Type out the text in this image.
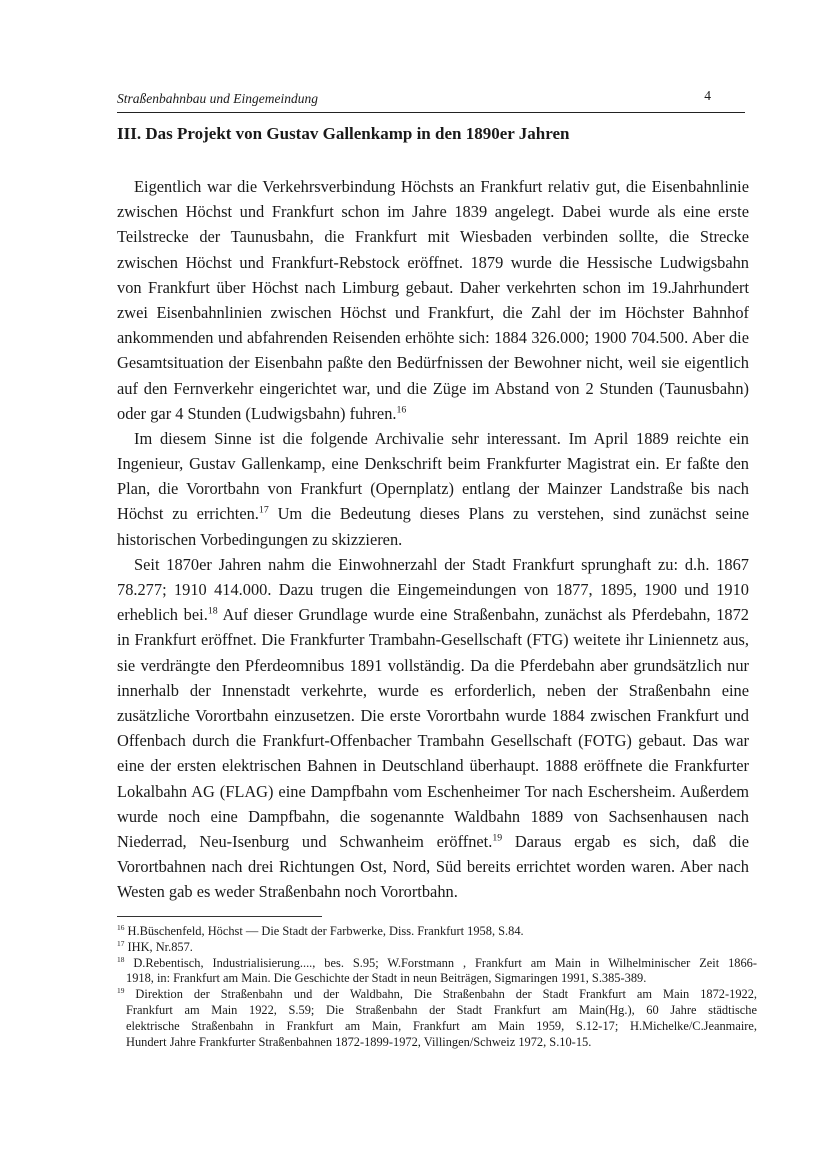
Straßenbahnbau und Eingemeindung	4
III. Das Projekt von Gustav Gallenkamp in den 1890er Jahren
Eigentlich war die Verkehrsverbindung Höchsts an Frankfurt relativ gut, die Eisenbahnlinie
zwischen Höchst und Frankfurt schon im Jahre 1839 angelegt. Dabei wurde als eine erste
Teilstrecke der Taunusbahn, die Frankfurt mit Wiesbaden verbinden sollte, die Strecke
zwischen Höchst und Frankfurt-Rebstock eröffnet. 1879 wurde die Hessische Ludwigsbahn
von Frankfurt über Höchst nach Limburg gebaut. Daher verkehrten schon im 19.Jahrhundert
zwei Eisenbahnlinien zwischen Höchst und Frankfurt, die Zahl der im Höchster Bahnhof
ankommenden und abfahrenden Reisenden erhöhte sich: 1884 326.000; 1900 704.500. Aber die
Gesamtsituation der Eisenbahn paßte den Bedürfnissen der Bewohner nicht, weil sie eigentlich
auf den Fernverkehr eingerichtet war, und die Züge im Abstand von 2 Stunden (Taunusbahn)
oder gar 4 Stunden (Ludwigsbahn) fuhren.$^{16}$
Im diesem Sinne ist die folgende Archivalie sehr interessant. Im April 1889 reichte ein
Ingenieur, Gustav Gallenkamp, eine Denkschrift beim Frankfurter Magistrat ein. Er faßte den
Plan, die Vorortbahn von Frankfurt (Opernplatz) entlang der Mainzer Landstraße bis nach
Höchst zu errichten.$^{17}$ Um die Bedeutung dieses Plans zu verstehen, sind zunächst seine
historischen Vorbedingungen zu skizzieren.
Seit 1870er Jahren nahm die Einwohnerzahl der Stadt Frankfurt sprunghaft zu: d.h. 1867
78.277; 1910 414.000. Dazu trugen die Eingemeindungen von 1877, 1895, 1900 und 1910
erheblich bei.$^{18}$ Auf dieser Grundlage wurde eine Straßenbahn, zunächst als Pferdebahn, 1872
in Frankfurt eröffnet. Die Frankfurter Trambahn-Gesellschaft (FTG) weitete ihr Liniennetz aus,
sie verdrängte den Pferdeomnibus 1891 vollständig. Da die Pferdebahn aber grundsätzlich nur
innerhalb der Innenstadt verkehrte, wurde es erforderlich, neben der Straßenbahn eine
zusätzliche Vorortbahn einzusetzen. Die erste Vorortbahn wurde 1884 zwischen Frankfurt und
Offenbach durch die Frankfurt-Offenbacher Trambahn Gesellschaft (FOTG) gebaut. Das war
eine der ersten elektrischen Bahnen in Deutschland überhaupt. 1888 eröffnete die Frankfurter
Lokalbahn AG (FLAG) eine Dampfbahn vom Eschenheimer Tor nach Eschersheim. Außerdem
wurde noch eine Dampfbahn, die sogenannte Waldbahn 1889 von Sachsenhausen nach
Niederrad, Neu-Isenburg und Schwanheim eröffnet.$^{19}$ Daraus ergab es sich, daß die
Vorortbahnen nach drei Richtungen Ost, Nord, Süd bereits errichtet worden waren. Aber nach
Westen gab es weder Straßenbahn noch Vorortbahn.
$^{16}$ H.Büschenfeld, Höchst — Die Stadt der Farbwerke, Diss. Frankfurt 1958, S.84.
$^{17}$ IHK, Nr.857.
$^{18}$ D.Rebentisch, Industrialisierung...., bes. S.95; W.Forstmann , Frankfurt am Main in Wilhelminischer Zeit 1866-
1918, in: Frankfurt am Main. Die Geschichte der Stadt in neun Beiträgen, Sigmaringen 1991, S.385-389.
$^{19}$ Direktion der Straßenbahn und der Waldbahn, Die Straßenbahn der Stadt Frankfurt am Main 1872-1922,
Frankfurt am Main 1922, S.59; Die Straßenbahn der Stadt Frankfurt am Main(Hg.), 60 Jahre städtische
elektrische Straßenbahn in Frankfurt am Main, Frankfurt am Main 1959, S.12-17; H.Michelke/C.Jeanmaire,
Hundert Jahre Frankfurter Straßenbahnen 1872-1899-1972, Villingen/Schweiz 1972, S.10-15.
